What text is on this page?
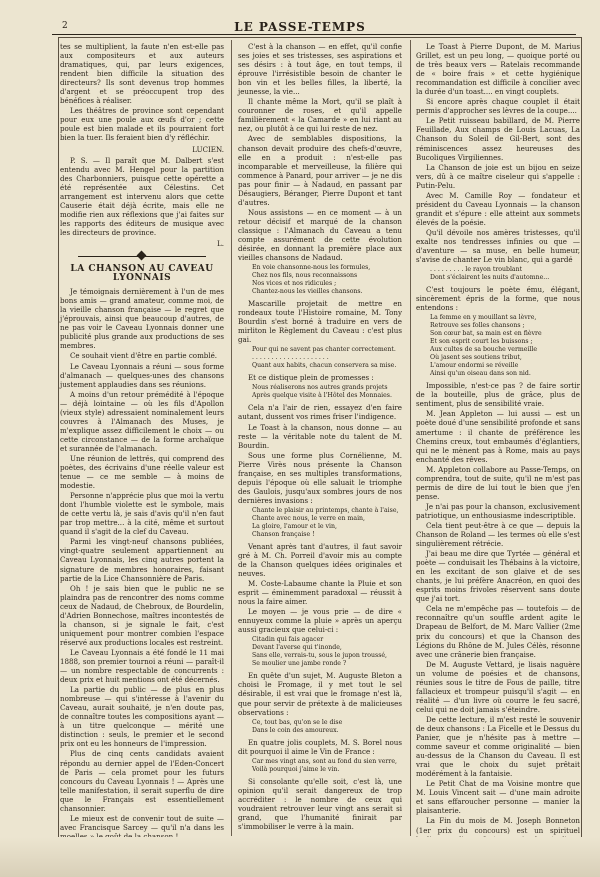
2	LE PASSE-TEMPS

tes se multiplient, la faute n'en est-elle pas aux compositeurs et aux auteurs dramatiques, qui, par leurs exigences, rendent bien difficile la situation des directeurs? Ils sont devenus trop hommes d'argent et se préoccupent trop des bénéfices à réaliser.

Les théâtres de province sont cependant pour eux une poule aux œufs d'or ; cette poule est bien malade et ils pourraient fort bien la tuer. Ils feraient bien d'y réfléchir.

LUCIEN.

P. S. — Il paraît que M. Dalbert s'est entendu avec M. Hengel pour la partition des Charbonniers, puisque cette opérette a été représentée aux Célestins. Cet arrangement est intervenu alors que cette Causerie était déjà écrite, mais elle ne modifie rien aux réflexions que j'ai faites sur les rapports des éditeurs de musique avec les directeurs de province.

L.
LA CHANSON AU CAVEAU LYONNAIS

Je témoignais dernièrement à l'un de mes bons amis — grand amateur, comme moi, de la vieille chanson française — le regret que j'éprouvais, ainsi que beaucoup d'autres, de ne pas voir le Caveau Lyonnais donner une publicité plus grande aux productions de ses membres.

Ce souhait vient d'être en partie comblé.

Le Caveau Lyonnais a réuni — sous forme d'almanach — quelques-unes des chansons justement applaudies dans ses réunions.

A moins d'un retour prémédité à l'époque — déjà lointaine — où les fils d'Apollon (vieux style) adressaient nominalement leurs couvres à l'Almanach des Muses, je m'explique assez difficilement le choix — ou cette circonstance — de la forme archaïque et surannée de l'almanach.

Une réunion de lettrés, qui comprend des poètes, des écrivains d'une réelle valeur est tenue — ce me semble — à moins de modestie.

Personne n'apprécie plus que moi la vertu dont l'humble violette est le symbole, mais de cette vertu là, je sais d'avis qu'il n'en faut par trop mettre... à la cité, même et surtout quand il s'agit de la clef du Caveau.

Parmi les vingt-neuf chansons publiées, vingt-quatre seulement appartiennent au Caveau Lyonnais, les cinq autres portent la signature de membres honoraires, faisant partie de la Lice Chansonnière de Paris.

Oh ! je sais bien que le public ne se plaindra pas de rencontrer des noms comme ceux de Nadaud, de Chebroux, de Bourdelin, d'Adrien Bonnechose, maîtres incontestés de la chanson, si je signale le fait, c'est uniquement pour montrer combien l'espace réservé aux productions locales est restreint.

Le Caveau Lyonnais a été fondé le 11 mai 1888, son premier tournoi a réuni — paraît-il — un nombre respectable de concurrents : deux prix et huit mentions ont été décernés.

La partie du public — de plus en plus nombreuse — qui s'intéresse à l'avenir du Caveau, aurait souhaité, je n'en doute pas, de connaître toutes les compositions ayant — à un titre quelconque — mérité une distinction : seuls, le premier et le second prix ont eu les honneurs de l'impression.

Plus de cinq cents candidats avaient répondu au dernier appel de l'Eden-Concert de Paris — cela promet pour les futurs concours du Caveau Lyonnais ! — Après une telle manifestation, il serait superflu de dire que le Français est essentiellement chansonnier.

Le mieux est de convenir tout de suite — avec Francisque Sarcey — qu'il n'a dans les

C'est à la chanson — en effet, qu'il confie ses joies et ses tristesses, ses aspirations et ses désirs : à tout âge, en tout temps, il éprouve l'irrésistible besoin de chanter le bon vin et les belles filles, la liberté, la jeunesse, la vie...

Il chante même la Mort, qu'il se plaît à couronner de roses, et qu'il appelle familièrement « la Camarde » en lui riant au nez, ou plutôt à ce qui lui reste de nez.

Avec de semblables dispositions, la chanson devait produire des chefs-d'œuvre, elle en a produit : n'est-elle pas incomparable et merveilleuse, la filière qui commence à Panard, pour arriver — je ne dis pas pour finir — à Nadaud, en passant par Désaugiers, Béranger, Pierre Dupont et tant d'autres.

Nous assistons — en ce moment — à un retour décisif et marqué de la chanson classique : l'Almanach du Caveau a tenu compte assurément de cette évolution désirée, en donnant la première place aux vieilles chansons de Nadaud.

En voie chansonne-nous les formules,
Chez nos fils, nous reconnaissons
Nos vices et nos ridicules ;
Chantez-nous les vieilles chansons.

Mascarille projetait de mettre en rondeaux toute l'Histoire romaine, M. Tony Bourdin s'est borné à traduire en vers de mirliton le Règlement du Caveau : c'est plus gai.

Pour qui ne savent pas chanter correctement.
. . . . . . . . . . . . . . . . . . . .
Quant aux habits, chacun conservera sa mise.

Et ce distique plein de promesses :

Nous réaliserons nos autres grands projets
Après quelque visite à l'Hôtel des Monnaies.

Cela n'a l'air de rien, essayez d'en faire autant, dussent vos rimes friser l'indigence.

Le Toast à la chanson, nous donne — au reste — la véritable note du talent de M. Bourdin.

Sous une forme plus Cornélienne, M. Pierre Virès nous présente la Chanson française, en ses multiples transformations, depuis l'époque où elle saluait le triomphe des Gaulois, jusqu'aux sombres jours de nos dernières invasions :

Chante le plaisir au printemps, chante à l'aise,
Chante avec nous, le verre en main,
La gloire, l'amour et le vin,
Chanson française !

Venant après tant d'autres, il faut savoir gré à M. Ch. Porreil d'avoir mis au compte de la Chanson quelques idées originales et neuves.

M. Coste-Labaume chante la Pluie et son esprit — éminemment paradoxal — réussit à nous la faire aimer.

Le moyen — je vous prie — de dire « ennuyeux comme la pluie » après un aperçu aussi gracieux que celui-ci :

Citadin qui fais agacer
Devant l'averse qui t'inonde,
Sans elle, verrais-tu, sous le jupon troussé,
Se moulier une jambe ronde ?

En quête d'un sujet, M. Auguste Bleton a choisi le Fromage, il y met tout le sel désirable, il est vrai que le fromage n'est là, que pour servir de prétexte à de malicieuses observations :

Ce, tout bas, qu'on se le dise
Dans le coin des amoureux.

En quatre jolis couplets, M. S. Borel nous dit pourquoi il aime le Vin de France :

Car mes vingt ans, sont au fond du sien verre,
Voilà pourquoi j'aime le vin.

Si consolante qu'elle soit, c'est là, une opinion qu'il serait dangereux de trop accréditer : le nombre de ceux qui voudraient retrouver leur vingt ans serait si grand, que l'humanité finirait par s'immobiliser le verre à la main.

Le Toast à Pierre Dupont, de M. Marius Grillet, est un peu long, — quoique porté ou de très beaux vers — Ratelais recommande de « boire frais » et cette hygiénique recommandation est difficile à concilier avec la durée d'un toast.... en vingt couplets.

Si encore après chaque couplet il était permis d'approcher ses lèvres de la coupe....

Le Petit ruisseau babillard, de M. Pierre Feuillade, Aux champs de Louis Lacuas, La Chanson du Soleil de Gil-Bert, sont des réminiscences assez heureuses des Bucoliques Virgiliennes.

La Chanson de joie est un bijou en seize vers, dû à ce maître ciseleur qui s'appelle : Putin-Pelu.

Avec M. Camille Roy — fondateur et président du Caveau Lyonnais — la chanson grandit et s'épure : elle atteint aux sommets élevés de la poésie.

Qu'il dévoile nos amères tristesses, qu'il exalte nos tendresses infinies ou que — d'aventure — sa muse, en belle humeur, s'avise de chanter Le vin blanc, qui a gardé

. . . . . . . . . le rayon troublant
Dont s'éclairent les nuits d'automne...

C'est toujours le poète ému, élégant, sincèrement épris de la forme, que nous entendons :

La femme en y mouillant sa lèvre,
Retrouve ses folles chansons ;
Son cœur bat, sa main est en fièvre
Et son esprit court les buissons ;
Aux cultes de sa bouche vermeille
Où jasent ses soutiens tribut,
L'amour endormi se réveille
Ainsi qu'un oiseau dans son nid.

Impossible, n'est-ce pas ? de faire sortir de la bouteille, plus de grâce, plus de sentiment, plus de sensibilité vraie.

M. Jean Appleton — lui aussi — est un poète doué d'une sensibilité profonde et sans amertume : il chante de préférence les Chemins creux, tout embaumés d'églantiers, qui ne le mènent pas à Rome, mais au pays enchanté des rêves.

M. Appleton collabore au Passe-Temps, on comprendra, tout de suite, qu'il ne m'est pas permis de dire de lui tout le bien que j'en pense.

Je n'ai pas pour la chanson, exclusivement patriotique, un enthousiasme indescriptible.

Cela tient peut-être à ce que — depuis la Chanson de Roland — les termes où elle s'est singulièrement rétrécie.

J'ai beau me dire que Tyrtée — général et poète — conduisait les Thébains à la victoire, en les excitant de son glaive et de ses chants, je lui préfère Anacréon, en quoi des esprits moins frivoles réservent sans doute que j'ai tort.

Cela ne m'empêche pas — toutefois — de reconnaître qu'un souffle ardent agite le Drapeau de Belfort, de M. Marc Vallier (2me prix du concours) et que la Chanson des Légions du Rhône de M. Jules Célès, résonne avec une crânerie bien française.

De M. Auguste Vettard, je lisais naguère un volume de poésies et de chansons, réunies sous le titre de Fous de paille, titre fallacieux et trompeur puisqu'il s'agit — en réalité — d'un livre où courre le feu sacré, celui qui ne doit jamais s'éteindre.

De cette lecture, il m'est resté le souvenir de deux chansons : La Ficelle et le Dessus du Panier, que je n'hésite pas à mettre — comme saveur et comme originalité — bien au-dessus de la Chanson du Caveau. Il est vrai que le choix du sujet prêtait modérément à la fantaisie.

Le Petit Chat de ma Voisine montre que M. Louis Vincent sait — d'une main adroite et sans effaroucher personne — manier la plaisanterie.

La Fin du mois de M. Joseph Bonneton (1er prix du concours) est un spirituel
